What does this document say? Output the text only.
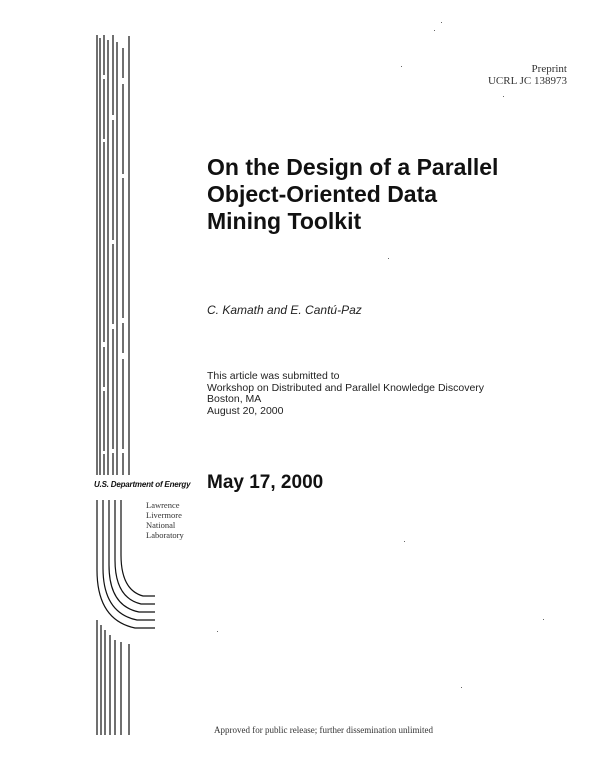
Preprint
UCRL JC 138973
On the Design of a Parallel
Object-Oriented Data
Mining Toolkit
C. Kamath and E. Cantú-Paz
This article was submitted to
Workshop on Distributed and Parallel Knowledge Discovery
Boston, MA
August 20, 2000
May 17, 2000
U.S. Department of Energy
Lawrence
Livermore
National
Laboratory
Approved for public release; further dissemination unlimited
